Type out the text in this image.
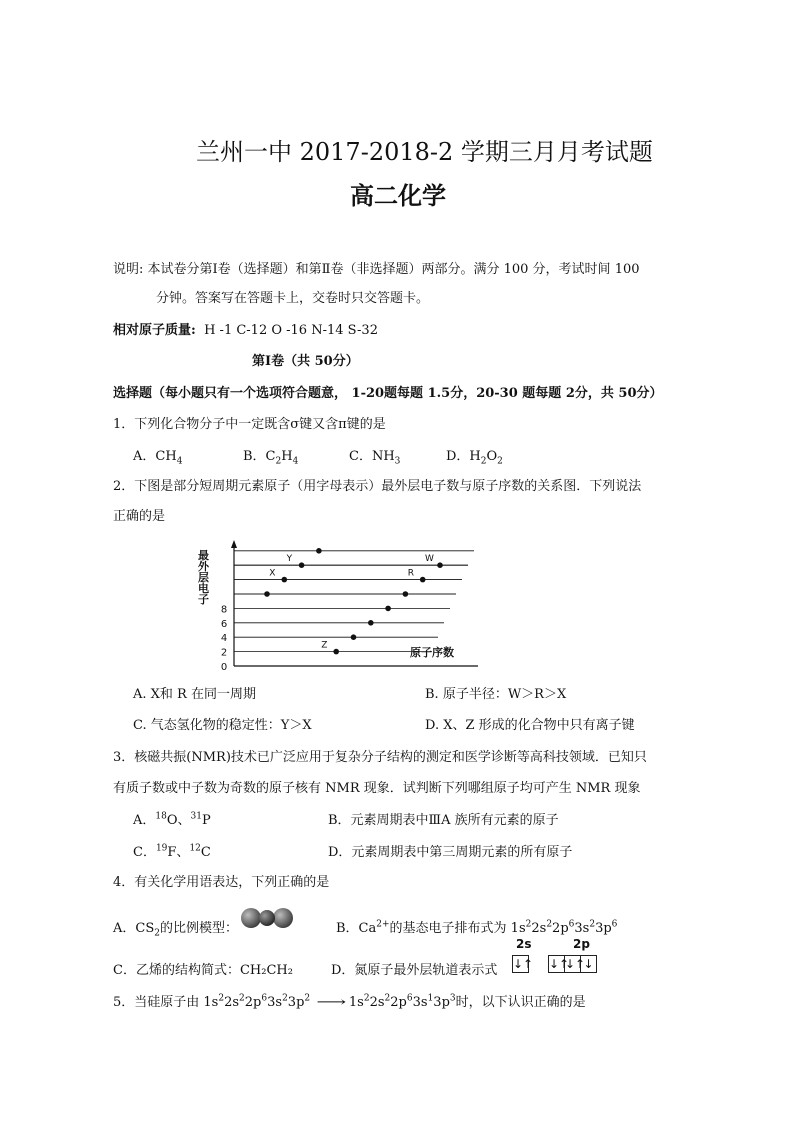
兰州一中 2017-2018-2 学期三月月考试题
高二化学
说明: 本试卷分第Ⅰ卷（选择题）和第Ⅱ卷（非选择题）两部分。满分 100 分，考试时间 100
分钟。答案写在答题卡上，交卷时只交答题卡。
相对原子质量: H -1 C-12 O -16 N-14 S-32
第Ⅰ卷（共 50分）
选择题（每小题只有一个选项符合题意， 1-20题每题 1.5分，20-30 题每题 2分，共 50分）
1．下列化合物分子中一定既含σ键又含π键的是
A．$CH_4$	B．$C_2H_4$	C．$NH_3$	D．$H_2O_2$
2．下图是部分短周期元素原子（用字母表示）最外层电子数与原子序数的关系图．下列说法
正确的是
0
2
4
6
8
X
Y
Z
R
W
原子序数
最外层电子
A. X和 R 在同一周期	B. 原子半径：W＞R＞X
C. 气态氢化物的稳定性：Y＞X	D. X、Z 形成的化合物中只有离子键
3．核磁共振(NMR)技术已广泛应用于复杂分子结构的测定和医学诊断等高科技领域．已知只
有质子数或中子数为奇数的原子核有 NMR 现象．试判断下列哪组原子均可产生 NMR 现象
A．$^{18}$O、$^{31}$P	B．元素周期表中ⅢA 族所有元素的原子
C．$^{19}$F、$^{12}$C	D．元素周期表中第三周期元素的所有原子
4．有关化学用语表达，下列正确的是
A．$CS_2$的比例模型：	B．$Ca^{2+}$的基态电子排布式为 $1s^22s^22p^63s^23p^6$
C．乙烯的结构简式：CH₂CH₂	D．氮原子最外层轨道表示式
2s	2p
↓↑ ↓↑↓↑↓
5．当硅原子由 $1s^22s^22p^63s^23p^2$ ⟶ $1s^22s^22p^63s^13p^3$时，以下认识正确的是
